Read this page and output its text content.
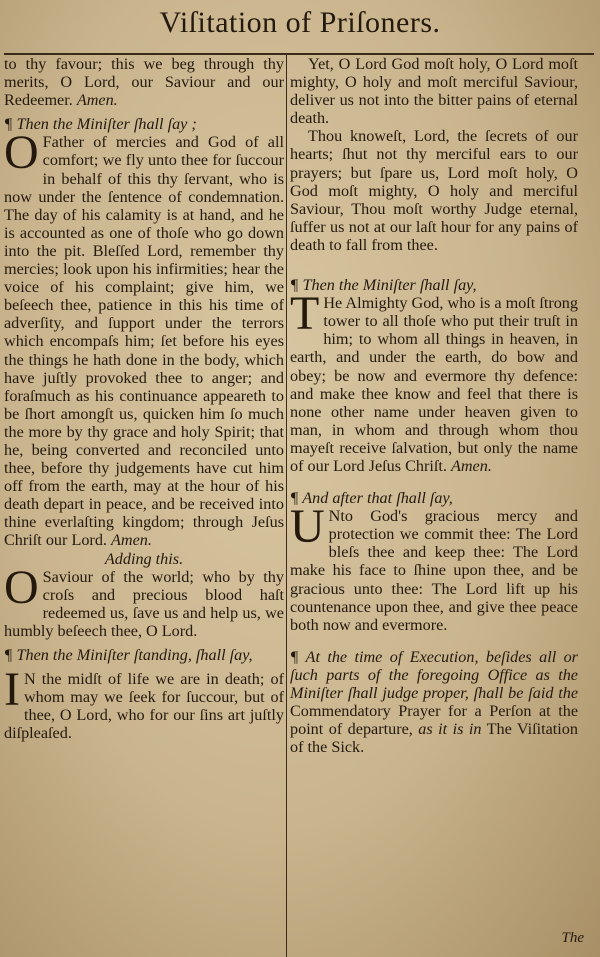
Viſitation of Priſoners.

to thy favour; this we beg through thy merits, O Lord, our Saviour and our Redeemer. Amen.

¶ Then the Miniſter ſhall ſay ;

O Father of mercies and God of all comfort; we fly unto thee for ſuccour in behalf of this thy ſervant, who is now under the ſentence of condemnation. The day of his calamity is at hand, and he is accounted as one of thoſe who go down into the pit. Bleſſed Lord, remember thy mercies; look upon his infirmities; hear the voice of his complaint; give him, we beſeech thee, patience in this his time of adverſity, and ſupport under the terrors which encompaſs him; ſet before his eyes the things he hath done in the body, which have juſtly provoked thee to anger; and foraſmuch as his continuance appeareth to be ſhort amongſt us, quicken him ſo much the more by thy grace and holy Spirit; that he, being converted and reconciled unto thee, before thy judgements have cut him off from the earth, may at the hour of his death depart in peace, and be received into thine everlaſting kingdom; through Jeſus Chriſt our Lord. Amen.

Adding this.

O Saviour of the world; who by thy croſs and precious blood haſt redeemed us, ſave us and help us, we humbly beſeech thee, O Lord.

¶ Then the Miniſter ſtanding, ſhall ſay,

I N the midſt of life we are in death; of whom may we ſeek for ſuccour, but of thee, O Lord, who for our ſins art juſtly diſpleaſed.

Yet, O Lord God moſt holy, O Lord moſt mighty, O holy and moſt merciful Saviour, deliver us not into the bitter pains of eternal death.

Thou knoweſt, Lord, the ſecrets of our hearts; ſhut not thy merciful ears to our prayers; but ſpare us, Lord moſt holy, O God moſt mighty, O holy and merciful Saviour, Thou moſt worthy Judge eternal, ſuffer us not at our laſt hour for any pains of death to fall from thee.

¶ Then the Miniſter ſhall ſay,

T He Almighty God, who is a moſt ſtrong tower to all thoſe who put their truſt in him; to whom all things in heaven, in earth, and under the earth, do bow and obey; be now and evermore thy defence: and make thee know and feel that there is none other name under heaven given to man, in whom and through whom thou mayeſt receive ſalvation, but only the name of our Lord Jeſus Chriſt. Amen.

¶ And after that ſhall ſay,

U Nto God's gracious mercy and protection we commit thee: The Lord bleſs thee and keep thee: The Lord make his face to ſhine upon thee, and be gracious unto thee: The Lord lift up his countenance upon thee, and give thee peace both now and evermore.

¶ At the time of Execution, beſides all or ſuch parts of the foregoing Office as the Miniſter ſhall judge proper, ſhall be ſaid the Commendatory Prayer for a Perſon at the point of departure, as it is in The Viſitation of the Sick.

The
